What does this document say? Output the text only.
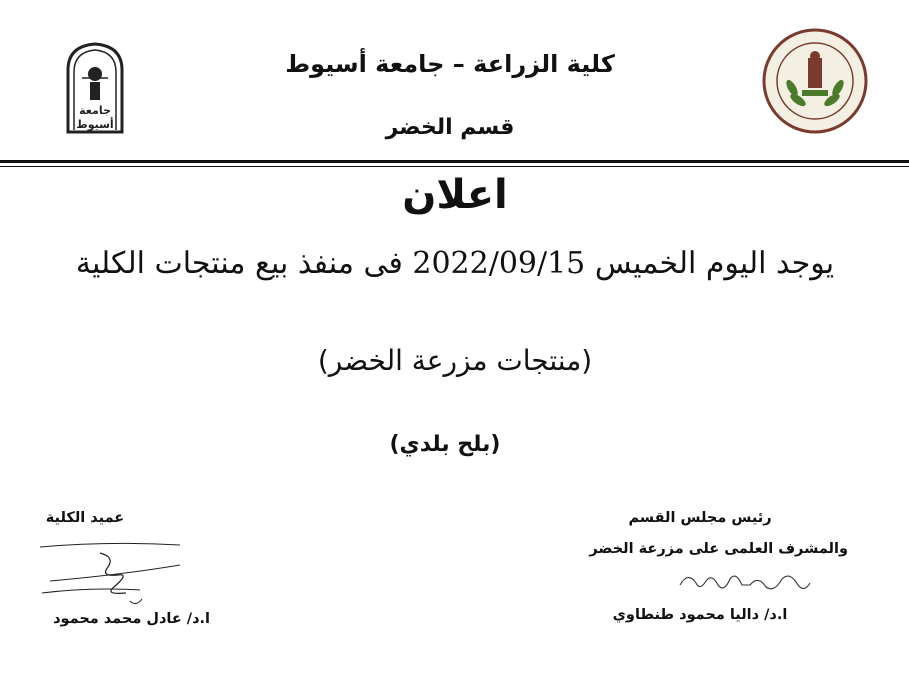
جامعة
أسيوط
كلية الزراعة – جامعة أسيوط
قسم الخضر
اعلان
يوجد اليوم الخميس 2022/09/15 فى منفذ بيع منتجات الكلية
(منتجات مزرعة الخضر)
(بلح بلدي)
عميد الكلية
ا.د/ عادل محمد محمود
رئيس مجلس القسم
والمشرف العلمى على مزرعة الخضر
ا.د/ داليا محمود طنطاوي
